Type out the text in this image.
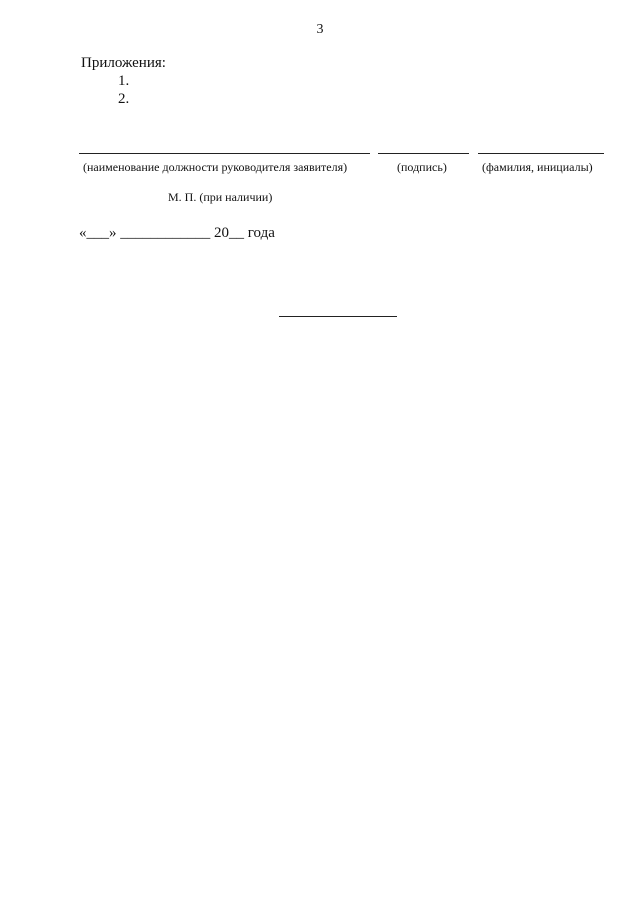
3
Приложения:
1.
2.
(наименование должности руководителя заявителя)	(подпись)	(фамилия, инициалы)
М. П. (при наличии)
«___» ____________ 20__ года
